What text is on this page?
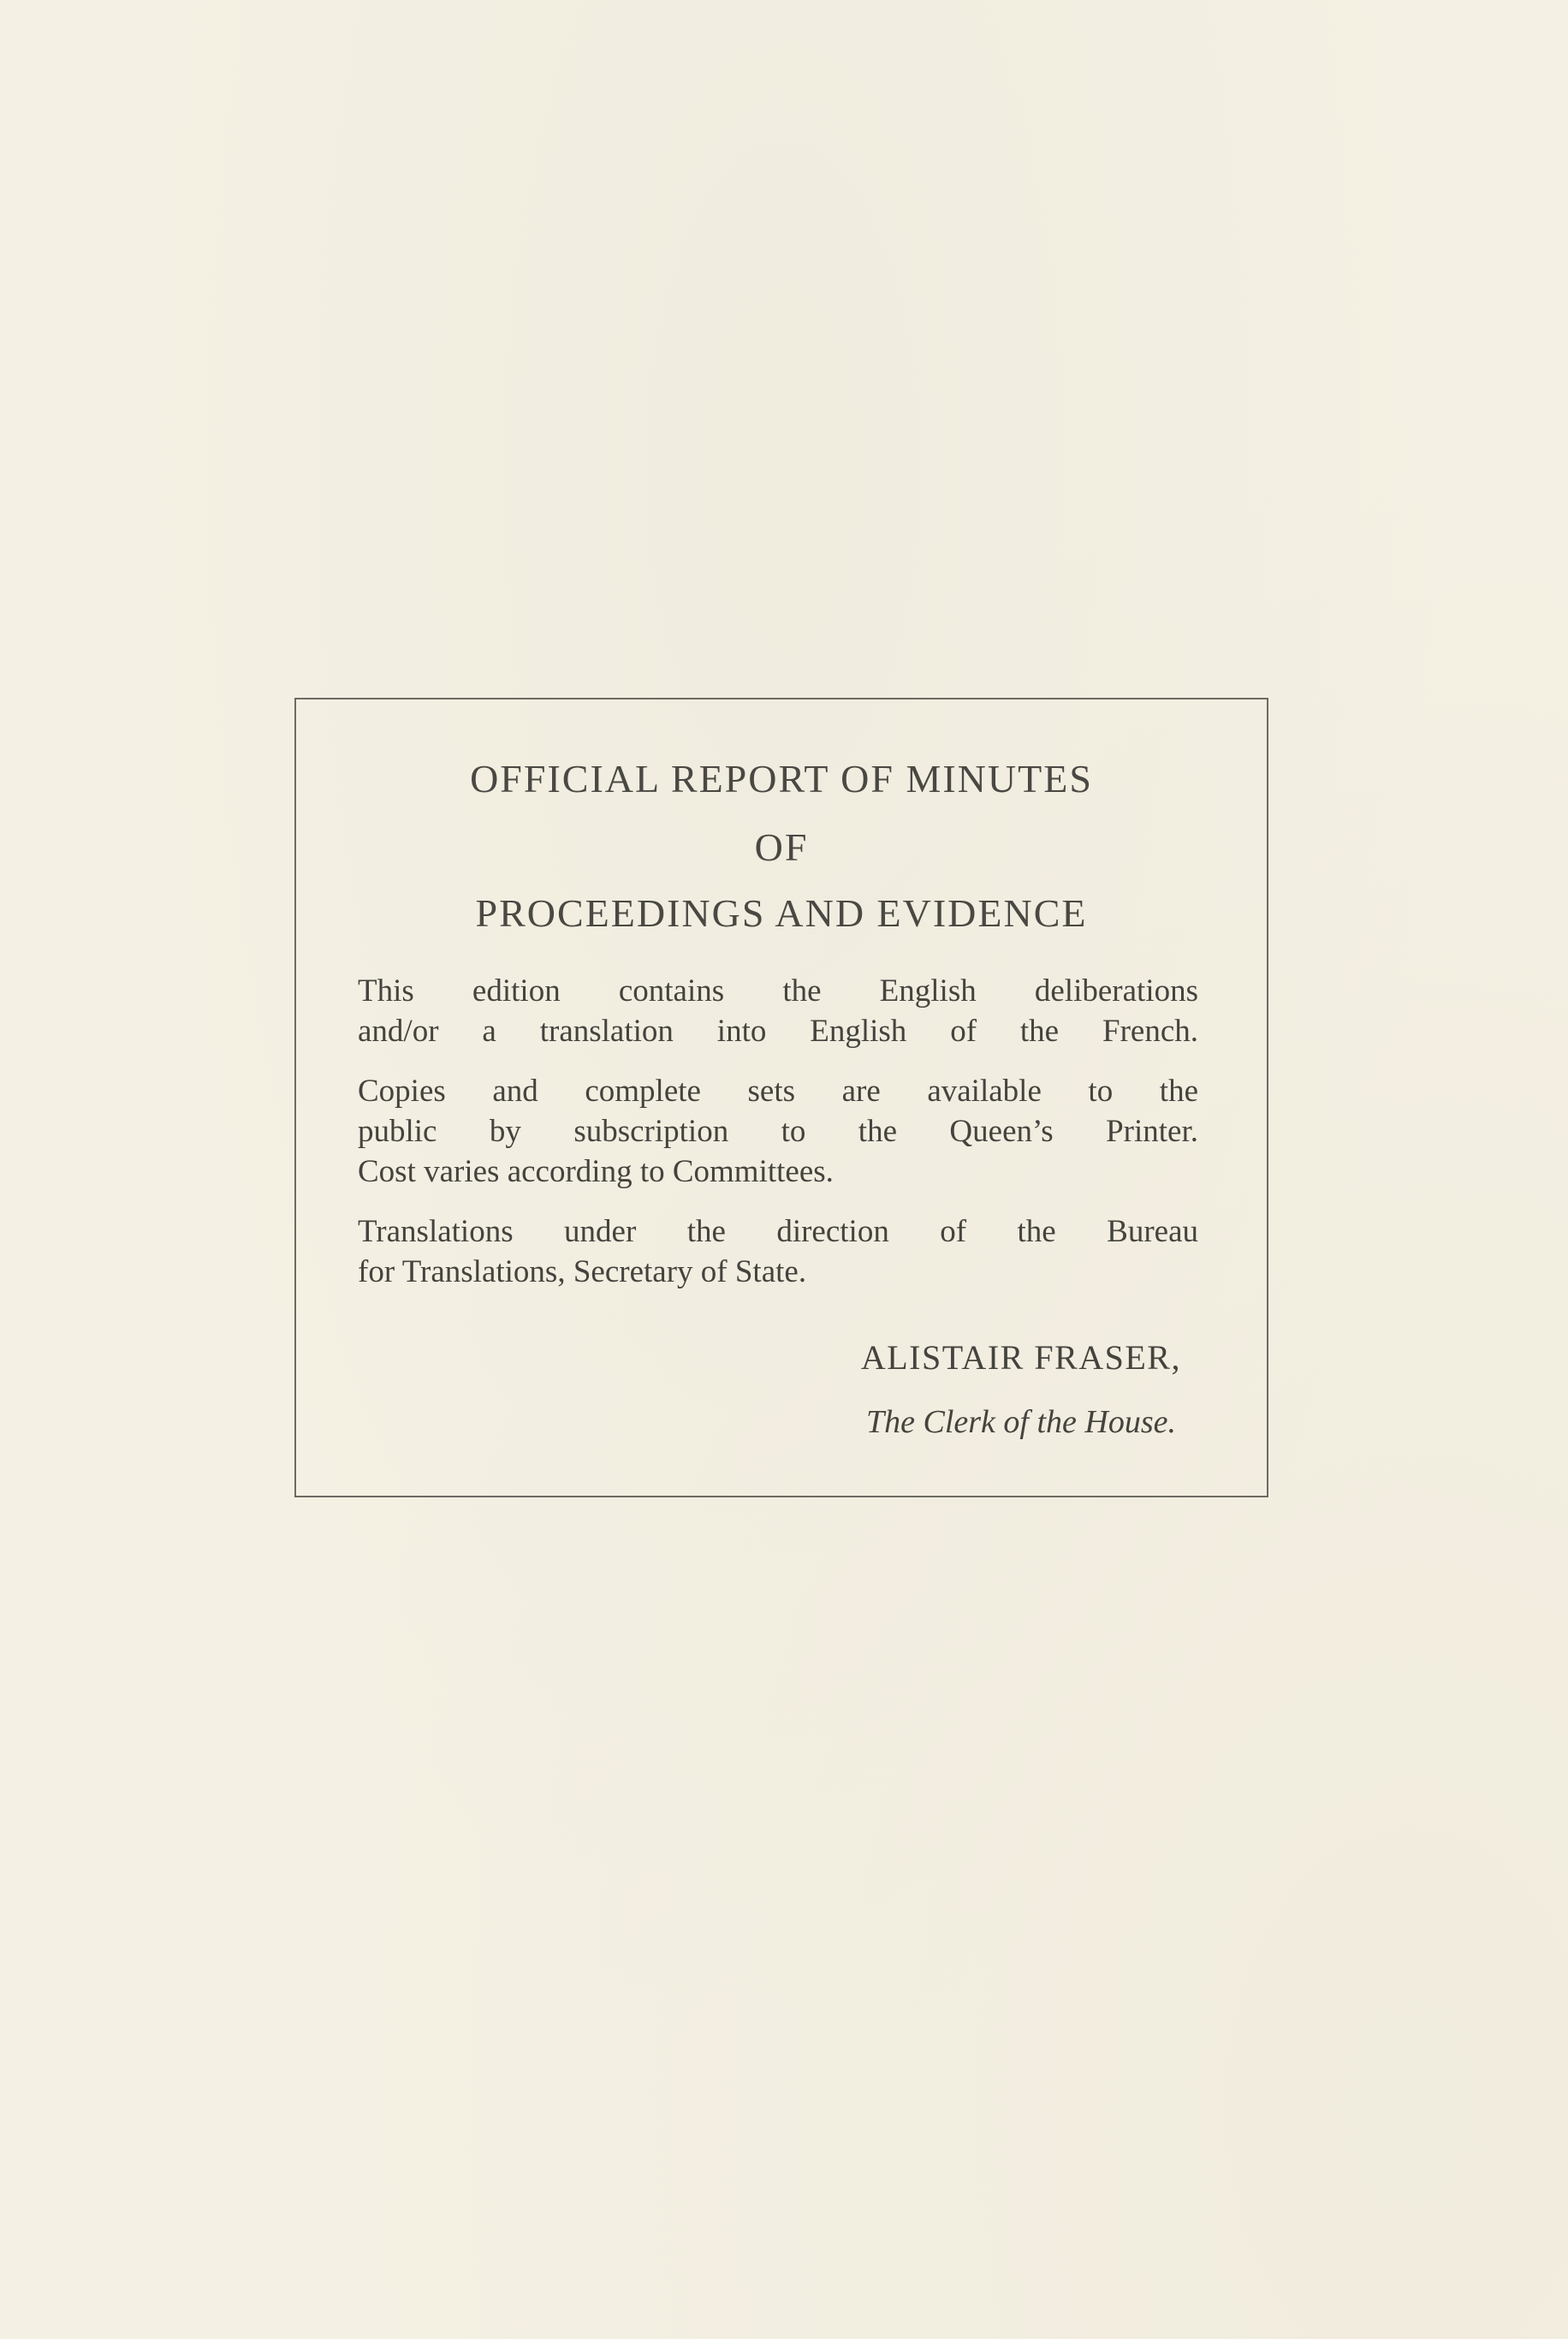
OFFICIAL REPORT OF MINUTES
OF
PROCEEDINGS AND EVIDENCE
This edition contains the English deliberations
and/or a translation into English of the French.
Copies and complete sets are available to the
public by subscription to the Queen’s Printer.
Cost varies according to Committees.
Translations under the direction of the Bureau
for Translations, Secretary of State.
ALISTAIR FRASER,
The Clerk of the House.
